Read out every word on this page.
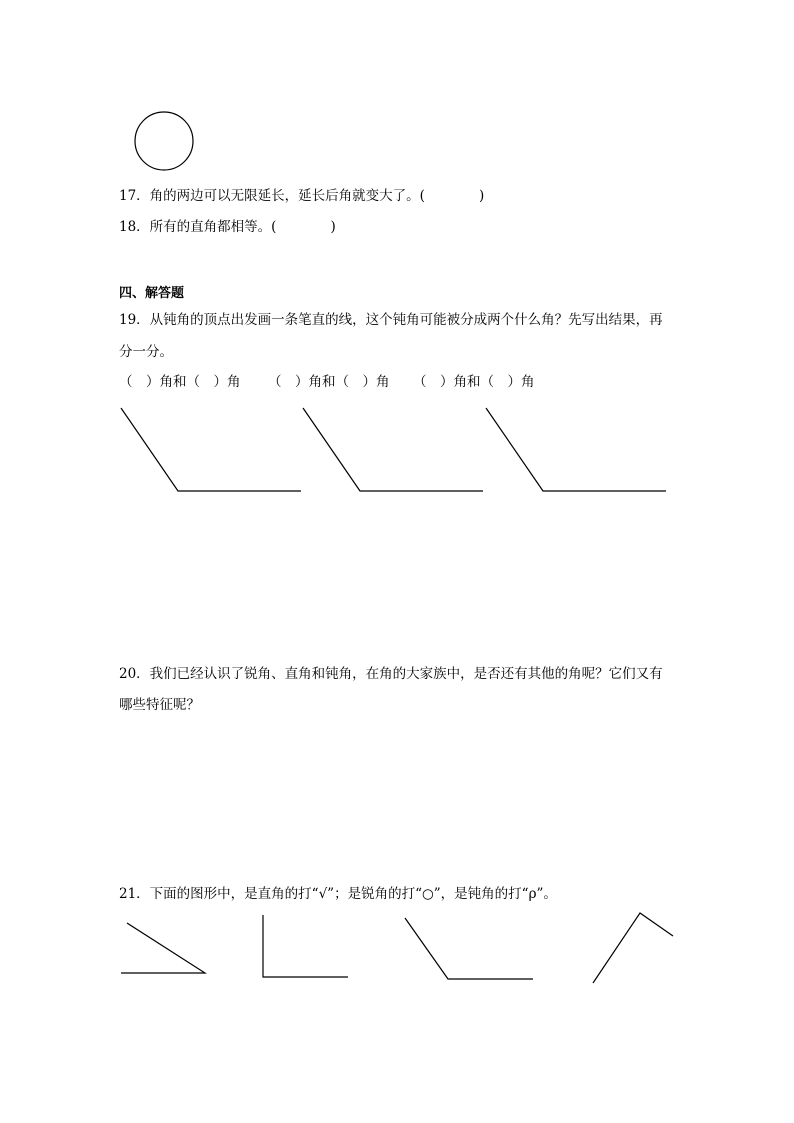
17．角的两边可以无限延长，延长后角就变大了。(　　　　)
18．所有的直角都相等。(　　　　)
四、解答题
19．从钝角的顶点出发画一条笔直的线，这个钝角可能被分成两个什么角？先写出结果，再
分一分。
（　）角和（　）角 （　）角和（　）角 （　）角和（　）角
20．我们已经认识了锐角、直角和钝角，在角的大家族中，是否还有其他的角呢？它们又有
哪些特征呢？
21．下面的图形中，是直角的打“√”；是锐角的打“○”，是钝角的打“ρ”。
